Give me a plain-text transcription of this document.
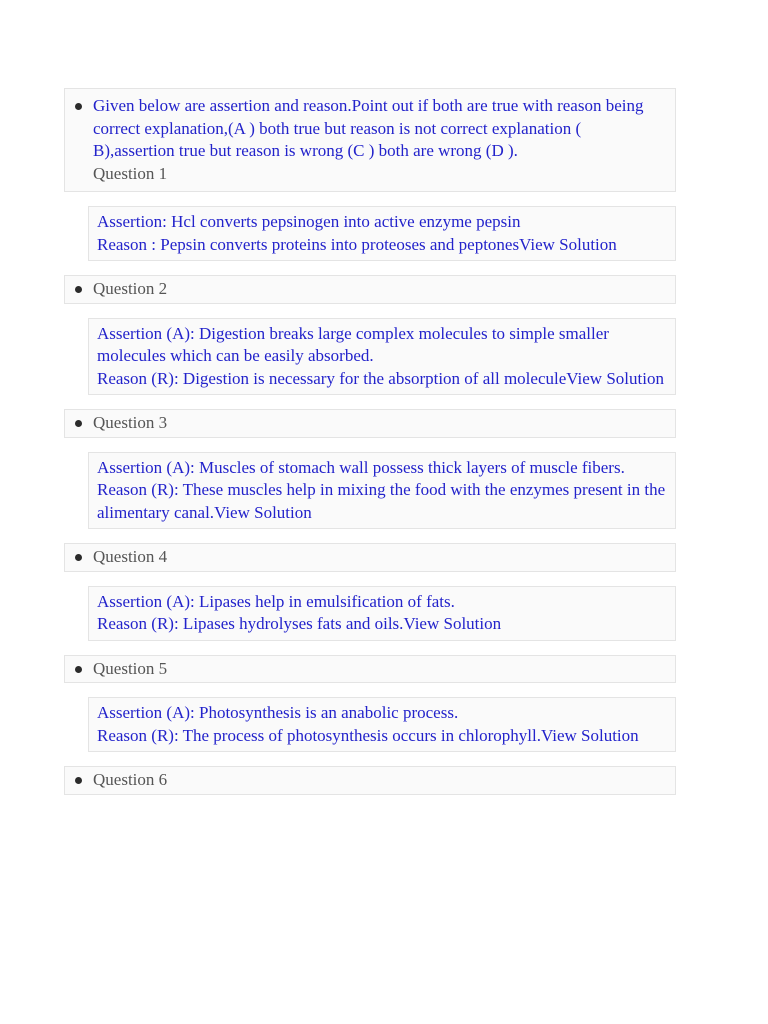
Given below are assertion and reason.Point out if both are true with reason being correct explanation,(A ) both true but reason is not correct explanation ( B),assertion true but reason is wrong (C ) both are wrong (D ).
Question 1
Assertion: Hcl converts pepsinogen into active enzyme pepsin
Reason : Pepsin converts proteins into proteoses and peptonesView Solution
Question 2
Assertion (A): Digestion breaks large complex molecules to simple smaller molecules which can be easily absorbed.
Reason (R): Digestion is necessary for the absorption of all moleculeView Solution
Question 3
Assertion (A): Muscles of stomach wall possess thick layers of muscle fibers.
Reason (R): These muscles help in mixing the food with the enzymes present in the alimentary canal.View Solution
Question 4
Assertion (A): Lipases help in emulsification of fats.
Reason (R): Lipases hydrolyses fats and oils.View Solution
Question 5
Assertion (A): Photosynthesis is an anabolic process.
Reason (R): The process of photosynthesis occurs in chlorophyll.View Solution
Question 6
